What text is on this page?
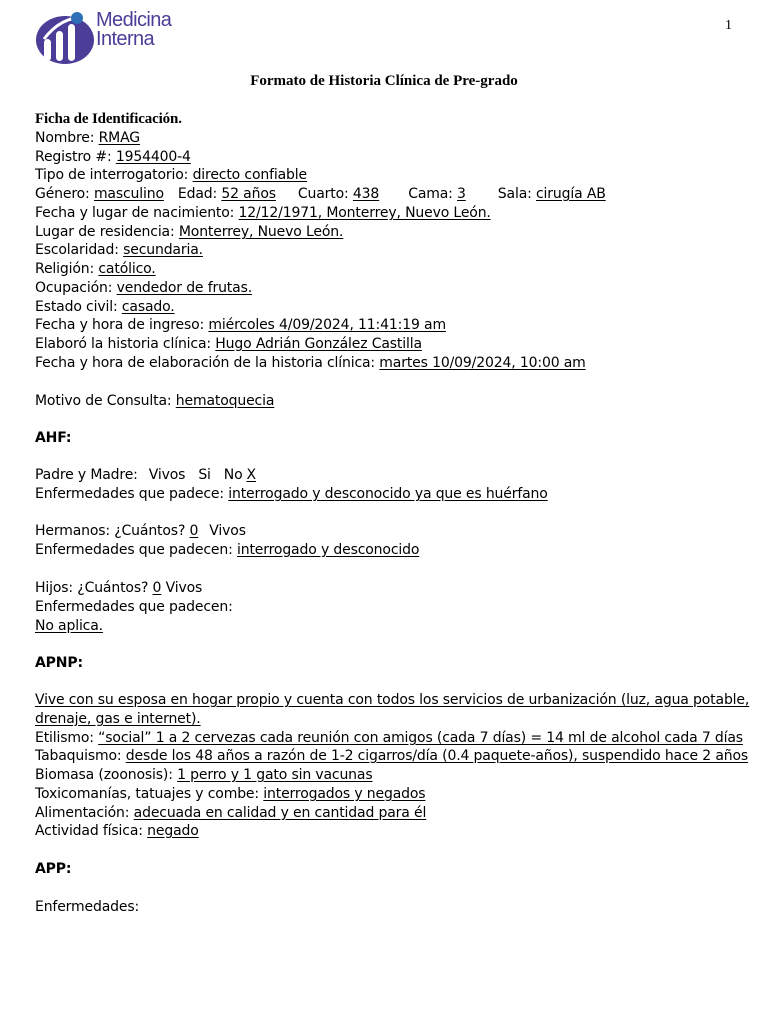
Medicina
Interna
1
Formato de Historia Clínica de Pre-grado
Ficha de Identificación.
Nombre: RMAG
Registro #: 1954400-4
Tipo de interrogatorio: directo confiable
Género: masculino Edad: 52 años Cuarto: 438 Cama: 3 Sala: cirugía AB
Fecha y lugar de nacimiento: 12/12/1971, Monterrey, Nuevo León.
Lugar de residencia: Monterrey, Nuevo León.
Escolaridad: secundaria.
Religión: católico.
Ocupación: vendedor de frutas.
Estado civil: casado.
Fecha y hora de ingreso: miércoles 4/09/2024, 11:41:19 am
Elaboró la historia clínica: Hugo Adrián González Castilla
Fecha y hora de elaboración de la historia clínica: martes 10/09/2024, 10:00 am
Motivo de Consulta: hematoquecia
AHF:
Padre y Madre: Vivos Si No X
Enfermedades que padece: interrogado y desconocido ya que es huérfano
Hermanos: ¿Cuántos? 0 Vivos
Enfermedades que padecen: interrogado y desconocido
Hijos: ¿Cuántos? 0 Vivos
Enfermedades que padecen:
No aplica.
APNP:
Vive con su esposa en hogar propio y cuenta con todos los servicios de urbanización (luz, agua potable,
drenaje, gas e internet).
Etilismo: “social” 1 a 2 cervezas cada reunión con amigos (cada 7 días) = 14 ml de alcohol cada 7 días
Tabaquismo: desde los 48 años a razón de 1-2 cigarros/día (0.4 paquete-años), suspendido hace 2 años
Biomasa (zoonosis): 1 perro y 1 gato sin vacunas
Toxicomanías, tatuajes y combe: interrogados y negados
Alimentación: adecuada en calidad y en cantidad para él
Actividad física: negado
APP:
Enfermedades:
